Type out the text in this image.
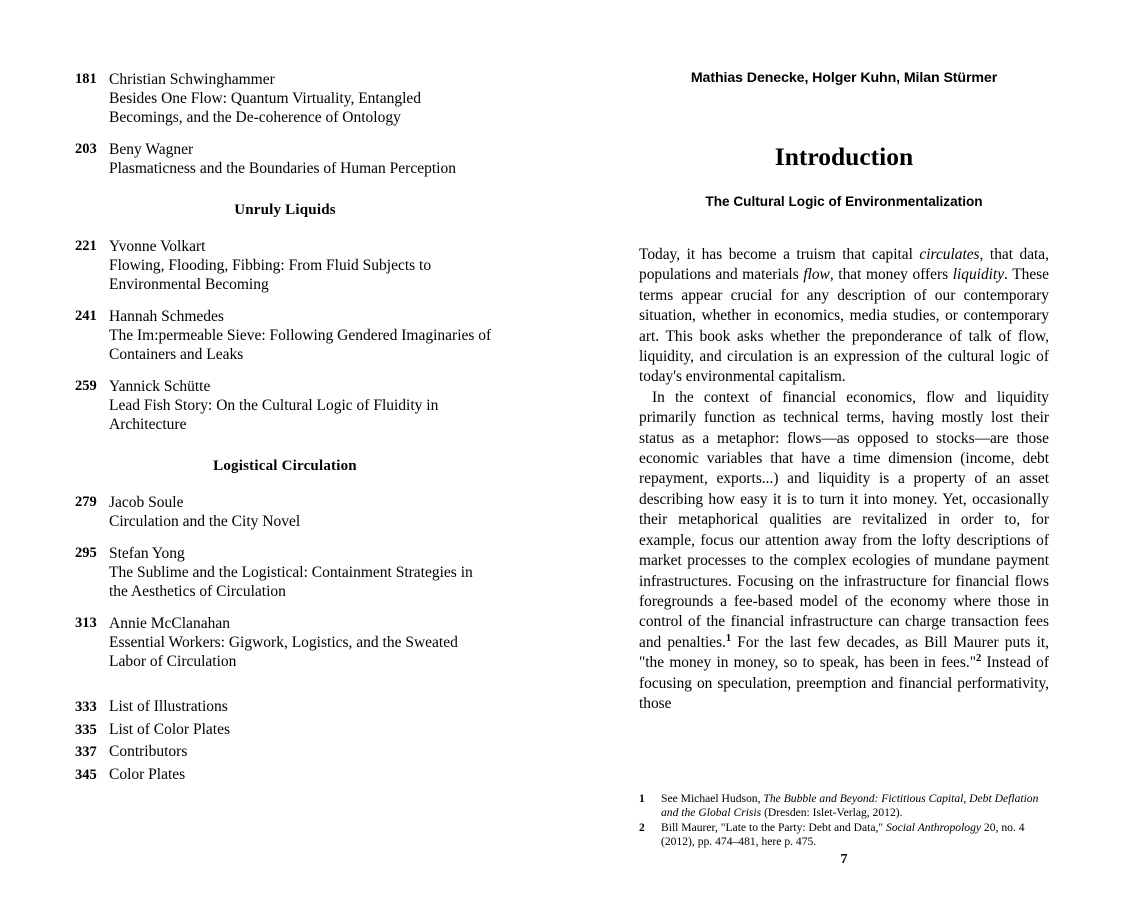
181 Christian Schwinghammer
Besides One Flow: Quantum Virtuality, Entangled Becomings, and the De-coherence of Ontology
203 Beny Wagner
Plasmaticness and the Boundaries of Human Perception
Unruly Liquids
221 Yvonne Volkart
Flowing, Flooding, Fibbing: From Fluid Subjects to Environmental Becoming
241 Hannah Schmedes
The Im:permeable Sieve: Following Gendered Imaginaries of Containers and Leaks
259 Yannick Schütte
Lead Fish Story: On the Cultural Logic of Fluidity in Architecture
Logistical Circulation
279 Jacob Soule
Circulation and the City Novel
295 Stefan Yong
The Sublime and the Logistical: Containment Strategies in the Aesthetics of Circulation
313 Annie McClanahan
Essential Workers: Gigwork, Logistics, and the Sweated Labor of Circulation
333 List of Illustrations
335 List of Color Plates
337 Contributors
345 Color Plates
Mathias Denecke, Holger Kuhn, Milan Stürmer
Introduction
The Cultural Logic of Environmentalization

Today, it has become a truism that capital circulates, that data, populations and materials flow, that money offers liquidity. These terms appear crucial for any description of our contemporary situation, whether in economics, media studies, or contemporary art. This book asks whether the preponderance of talk of flow, liquidity, and circulation is an expression of the cultural logic of today's environmental capitalism.

In the context of financial economics, flow and liquidity primarily function as technical terms, having mostly lost their status as a metaphor: flows—as opposed to stocks—are those economic variables that have a time dimension (income, debt repayment, exports...) and liquidity is a property of an asset describing how easy it is to turn it into money. Yet, occasionally their metaphorical qualities are revitalized in order to, for example, focus our attention away from the lofty descriptions of market processes to the complex ecologies of mundane payment infrastructures. Focusing on the infrastructure for financial flows foregrounds a fee-based model of the economy where those in control of the financial infrastructure can charge transaction fees and penalties.$^1$ For the last few decades, as Bill Maurer puts it, "the money in money, so to speak, has been in fees."$^2$ Instead of focusing on speculation, preemption and financial performativity, those

1	See Michael Hudson, The Bubble and Beyond: Fictitious Capital, Debt Deflation and the Global Crisis (Dresden: Islet-Verlag, 2012).
2	Bill Maurer, "Late to the Party: Debt and Data," Social Anthropology 20, no. 4 (2012), pp. 474–481, here p. 475.
7
